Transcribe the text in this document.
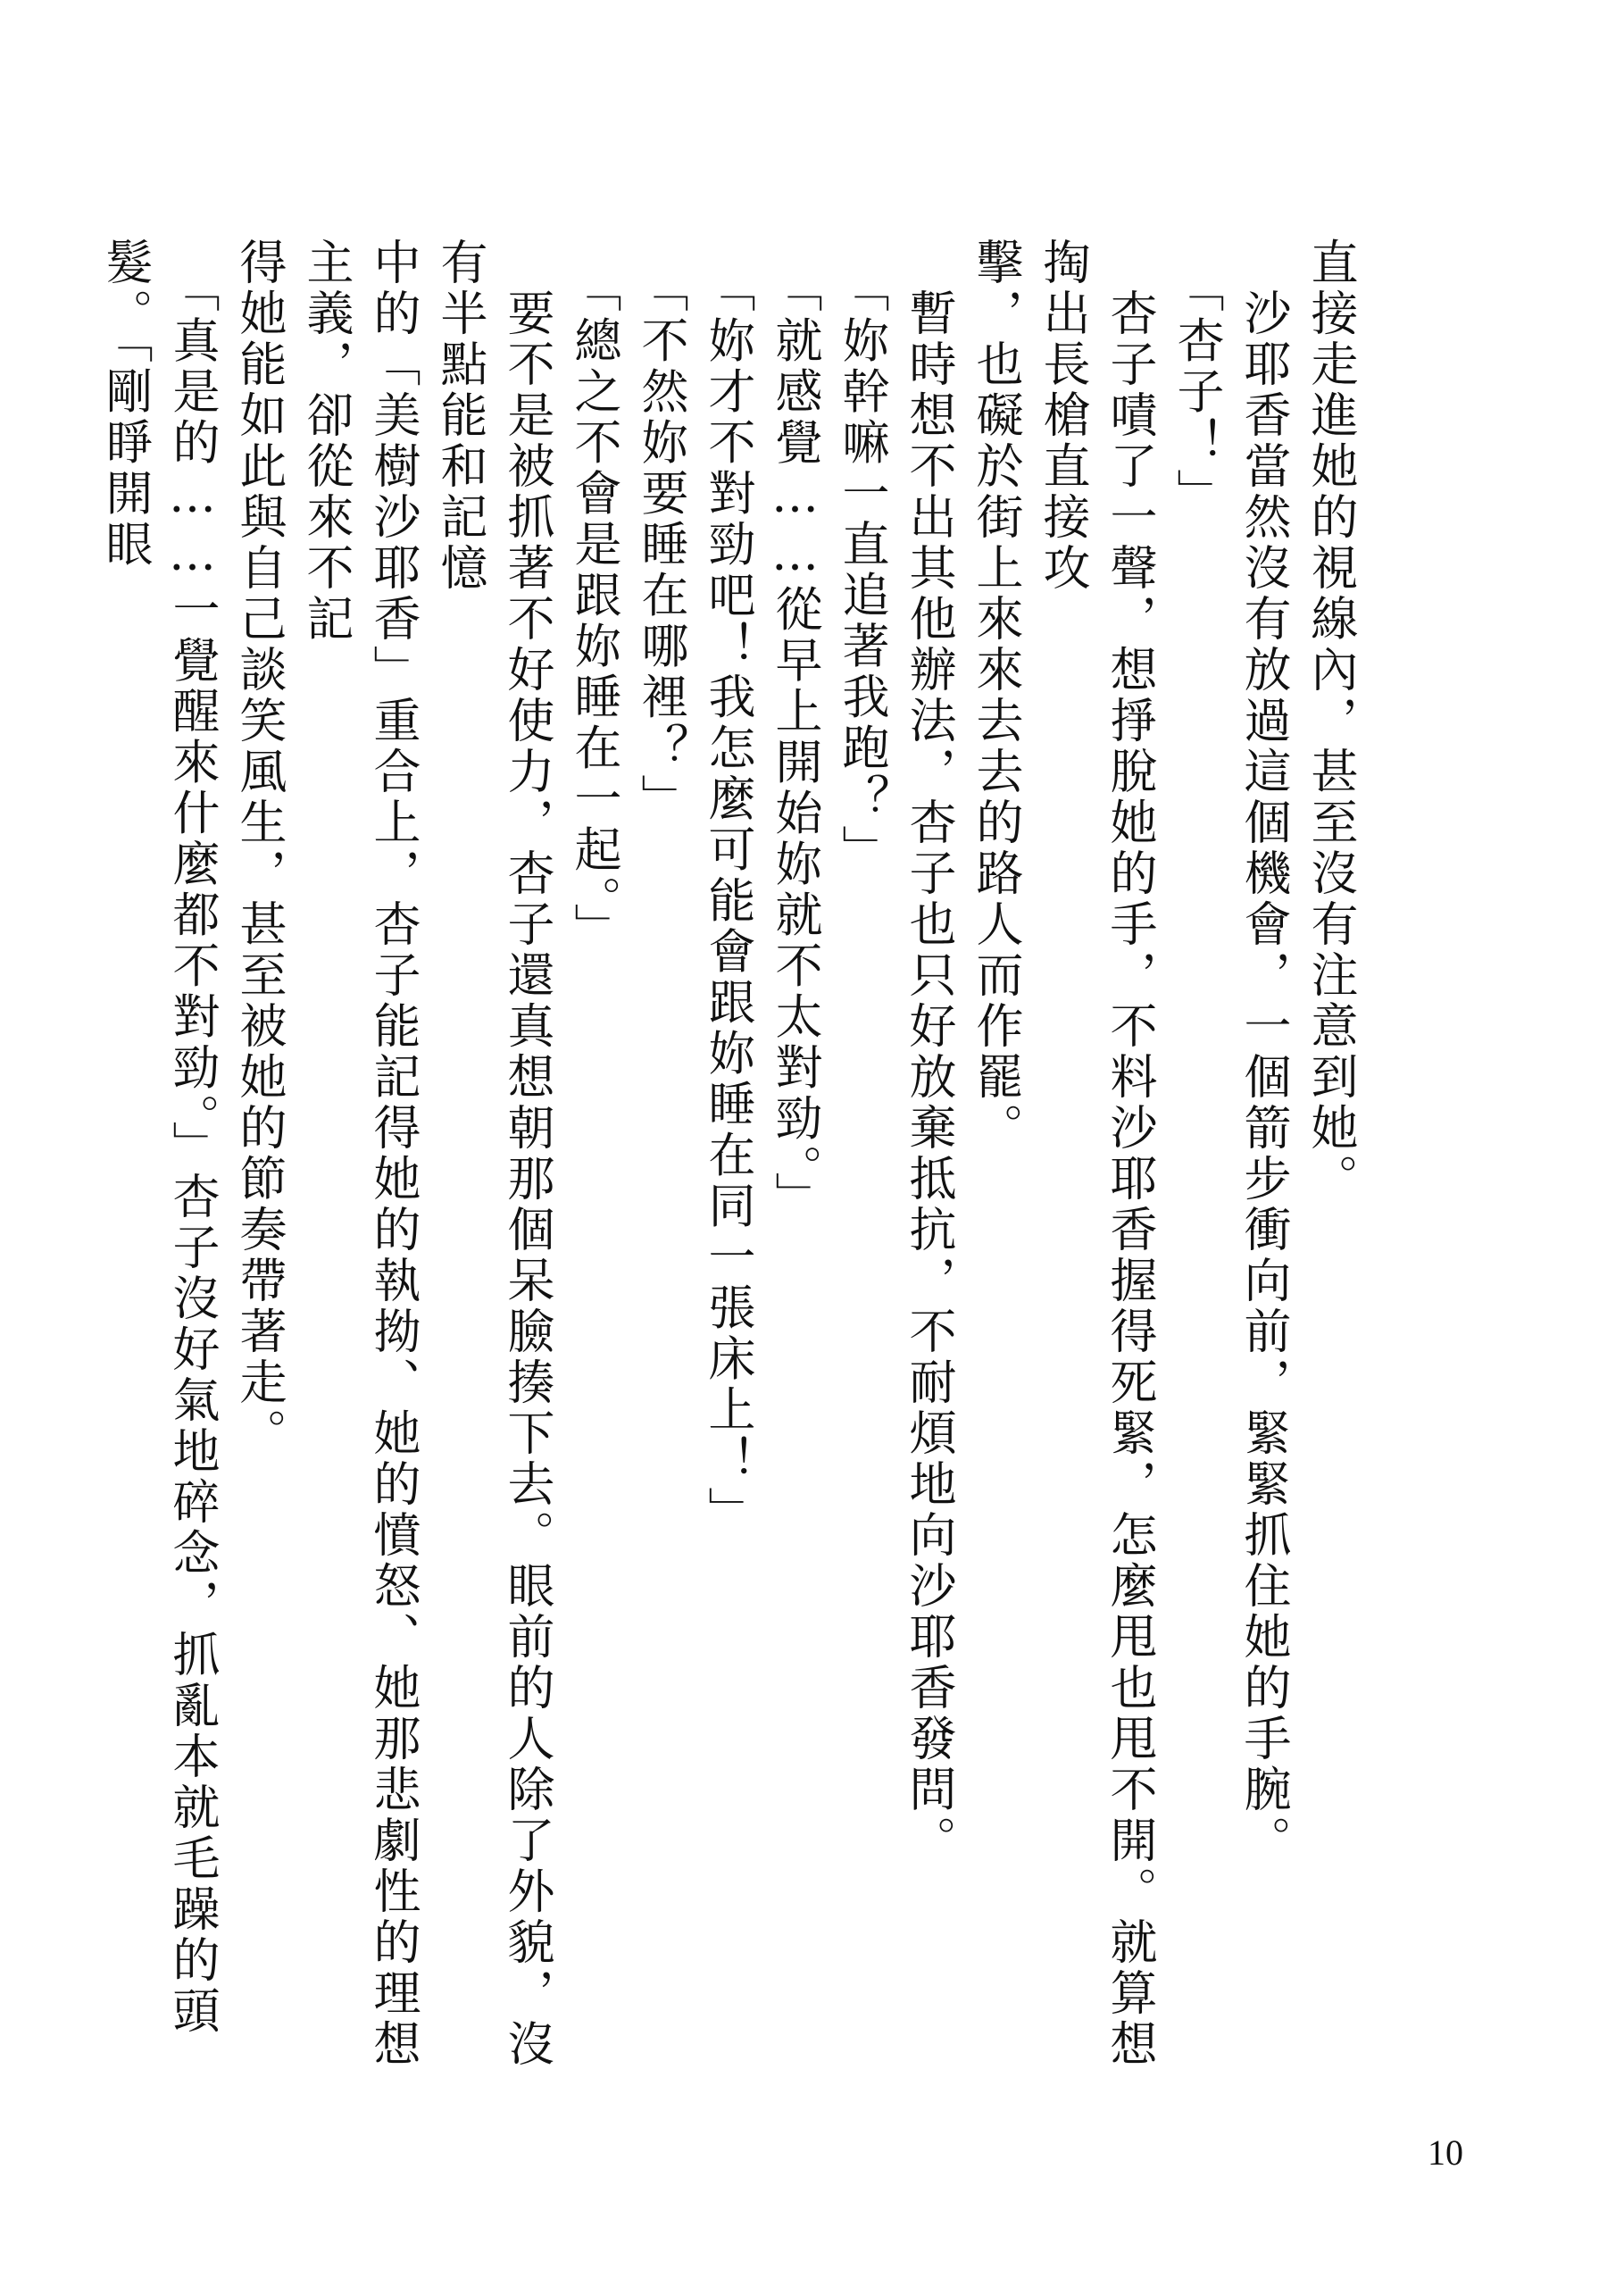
直接走進她的視線內，甚至沒有注意到她。

　沙耶香當然沒有放過這個機會，一個箭步衝向前，緊緊抓住她的手腕。

　「杏子！」

　杏子嘖了一聲，想掙脫她的手，不料沙耶香握得死緊，怎麼甩也甩不開。就算想掏出長槍直接攻

擊，也礙於街上來來去去的路人而作罷。

　暫時想不出其他辦法，杏子也只好放棄抵抗，不耐煩地向沙耶香發問。

　「妳幹嘛一直追著我跑？」

　「就感覺……從早上開始妳就不太對勁。」

　「妳才不對勁吧！我怎麼可能會跟妳睡在同一張床上！」

　「不然妳要睡在哪裡？」

　「總之不會是跟妳睡在一起。」

　要不是被抓著不好使力，杏子還真想朝那個呆臉揍下去。眼前的人除了外貌，沒有半點能和記憶

中的「美樹沙耶香」重合上，杏子能記得她的執拗、她的憤怒、她那悲劇性的理想主義，卻從來不記

得她能如此與自己談笑風生，甚至被她的節奏帶著走。

　「真是的……一覺醒來什麼都不對勁。」杏子沒好氣地碎念，抓亂本就毛躁的頭髮。「剛睜開眼

10
